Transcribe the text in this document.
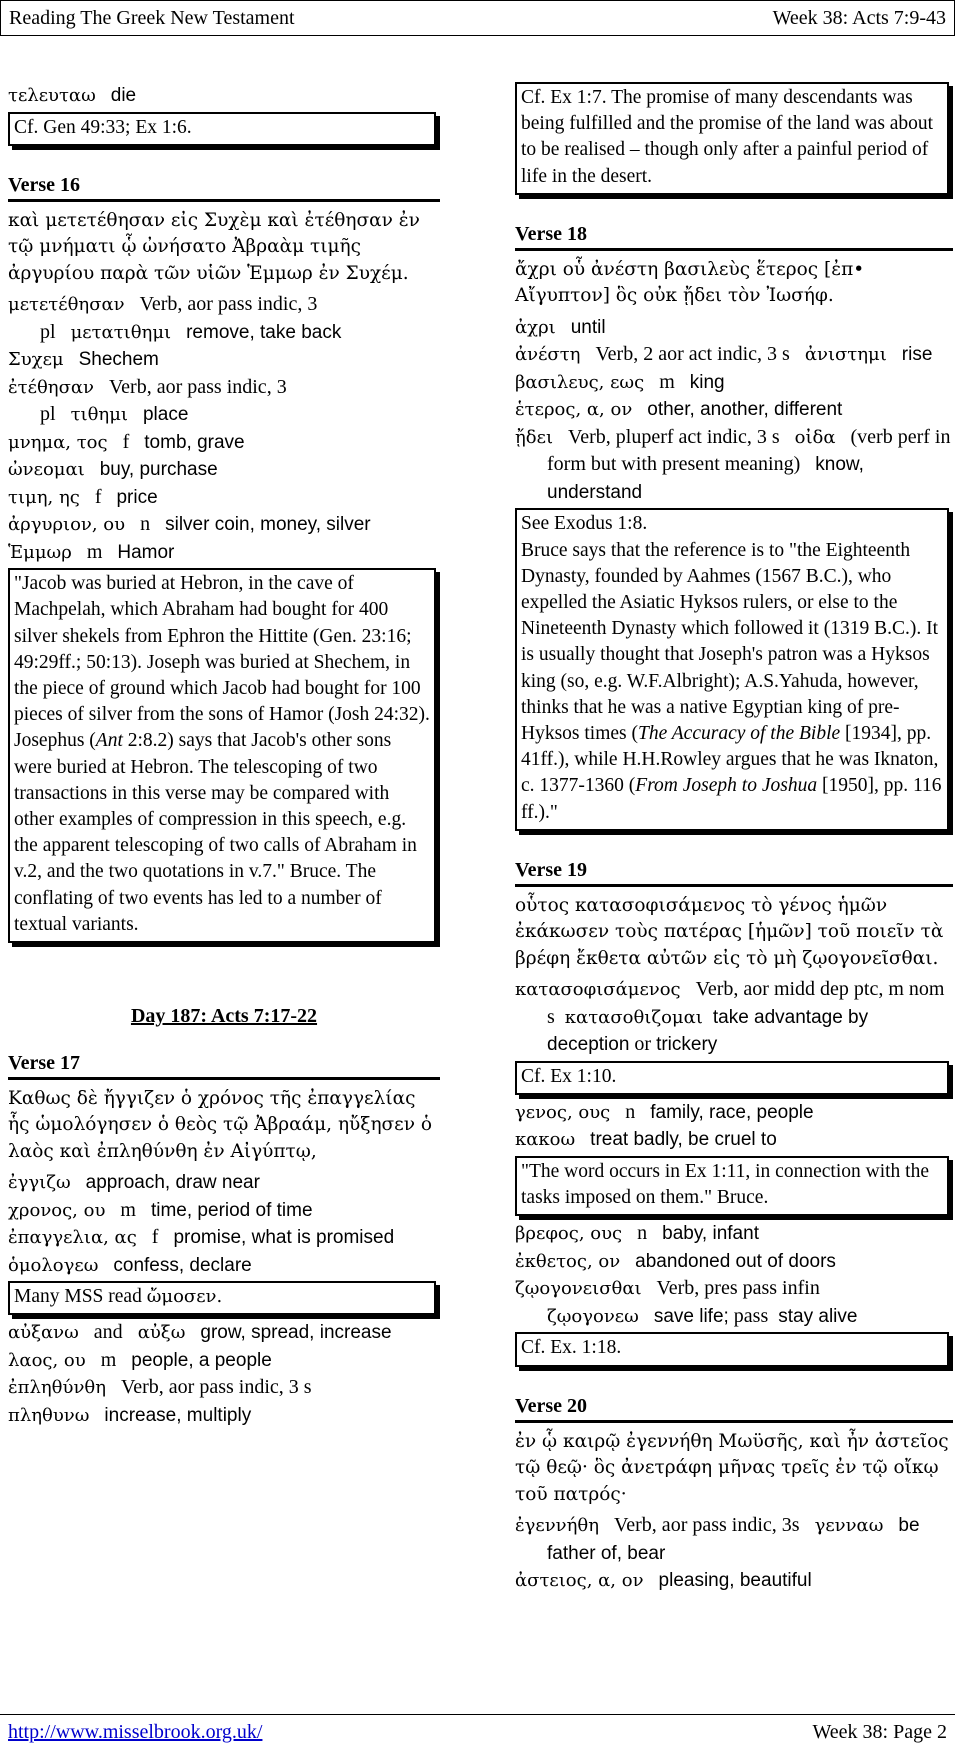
Reading The Greek New Testament	Week 38: Acts 7:9-43

τελευταω die

Cf. Gen 49:33; Ex 1:6.
Verse 16

καὶ μετετέθησαν εἰς Συχὲμ καὶ ἐτέθησαν ἐν τῷ μνήματι ᾧ ὠνήσατο Ἀβραὰμ τιμῆς ἀργυρίου παρὰ τῶν υἱῶν Ἑμμωρ ἐν Συχέμ.

μετετέθησαν Verb, aor pass indic, 3 pl μετατιθημι remove, take back

Συχεμ Shechem

ἐτέθησαν Verb, aor pass indic, 3 pl τιθημι place

μνημα, τος f tomb, grave

ὠνεομαι buy, purchase

τιμη, ης f price

ἀργυριον, ου n silver coin, money, silver

Ἑμμωρ m Hamor

"Jacob was buried at Hebron, in the cave of Machpelah, which Abraham had bought for 400 silver shekels from Ephron the Hittite (Gen. 23:16; 49:29ff.; 50:13). Joseph was buried at Shechem, in the piece of ground which Jacob had bought for 100 pieces of silver from the sons of Hamor (Josh 24:32). Josephus (Ant 2:8.2) says that Jacob's other sons were buried at Hebron. The telescoping of two transactions in this verse may be compared with other examples of compression in this speech, e.g. the apparent telescoping of two calls of Abraham in v.2, and the two quotations in v.7." Bruce. The conflating of two events has led to a number of textual variants.
Day 187: Acts 7:17-22
Verse 17

Καθως δὲ ἤγγιζεν ὁ χρόνος τῆς ἐπαγγελίας ἧς ὡμολόγησεν ὁ θεὸς τῷ Ἀβραάμ, ηὔξησεν ὁ λαὸς καὶ ἐπληθύνθη ἐν Αἰγύπτῳ,

ἐγγιζω approach, draw near

χρονος, ου m time, period of time

ἐπαγγελια, ας f promise, what is promised

ὁμολογεω confess, declare

Many MSS read ὤμοσεν.

αὐξανω and αὐξω grow, spread, increase

λαος, ου m people, a people

ἐπληθύνθη Verb, aor pass indic, 3 s

πληθυνω increase, multiply

Cf. Ex 1:7. The promise of many descendants was being fulfilled and the promise of the land was about to be realised – though only after a painful period of life in the desert.
Verse 18

ἄχρι οὗ ἀνέστη βασιλεὺς ἕτερος [ἐπ• Αἴγυπτον] ὃς οὐκ ᾔδει τὸν Ἰωσήφ.

ἀχρι until

ἀνέστη Verb, 2 aor act indic, 3 s ἀνιστημι rise

βασιλευς, εως m king

ἑτερος, α, ον other, another, different

ᾔδει Verb, pluperf act indic, 3 s οἰδα (verb perf in form but with present meaning) know, understand

See Exodus 1:8.
Bruce says that the reference is to "the Eighteenth Dynasty, founded by Aahmes (1567 B.C.), who expelled the Asiatic Hyksos rulers, or else to the Nineteenth Dynasty which followed it (1319 B.C.). It is usually thought that Joseph's patron was a Hyksos king (so, e.g. W.F.Albright); A.S.Yahuda, however, thinks that he was a native Egyptian king of pre-Hyksos times (The Accuracy of the Bible [1934], pp. 41ff.), while H.H.Rowley argues that he was Iknaton, c. 1377-1360 (From Joseph to Joshua [1950], pp. 116 ff.)."
Verse 19

οὗτος κατασοφισάμενος τὸ γένος ἡμῶν ἐκάκωσεν τοὺς πατέρας [ἡμῶν] τοῦ ποιεῖν τὰ βρέφη ἔκθετα αὐτῶν εἰς τὸ μὴ ζῳογονεῖσθαι.

κατασοφισάμενος Verb, aor midd dep ptc, m nom s κατασοθιζομαι take advantage by deception or trickery

Cf. Ex 1:10.

γενος, ους n family, race, people

κακοω treat badly, be cruel to

"The word occurs in Ex 1:11, in connection with the tasks imposed on them." Bruce.

βρεφος, ους n baby, infant

ἐκθετος, ον abandoned out of doors

ζῳογονεισθαι Verb, pres pass infin

ζῳογονεω save life; pass stay alive

Cf. Ex. 1:18.
Verse 20

ἐν ᾧ καιρῷ ἐγεννήθη Μωϋσῆς, καὶ ἦν ἀστεῖος τῷ θεῷ· ὃς ἀνετράφη μῆνας τρεῖς ἐν τῷ οἴκῳ τοῦ πατρός·

ἐγεννήθη Verb, aor pass indic, 3s γενναω be father of, bear

ἀστειος, α, ον pleasing, beautiful

http://www.misselbrook.org.uk/	Week 38: Page 2
